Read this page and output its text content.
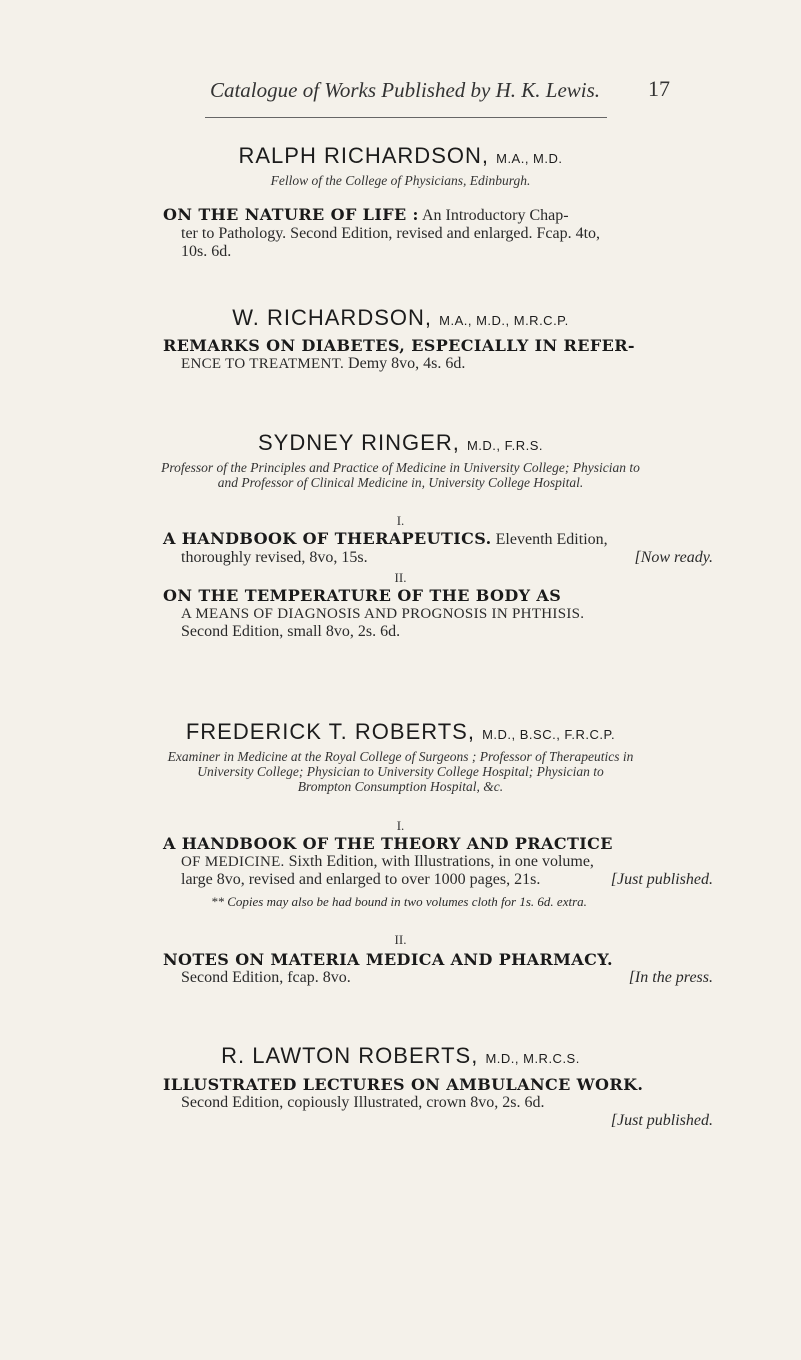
Catalogue of Works Published by H. K. Lewis.	17
RALPH RICHARDSON, M.A., M.D.
Fellow of the College of Physicians, Edinburgh.
ON THE NATURE OF LIFE : An Introductory Chap-
ter to Pathology. Second Edition, revised and enlarged. Fcap. 4to,
10s. 6d.
W. RICHARDSON, M.A., M.D., M.R.C.P.
REMARKS ON DIABETES, ESPECIALLY IN REFER-
ENCE TO TREATMENT. Demy 8vo, 4s. 6d.
SYDNEY RINGER, M.D., F.R.S.
Professor of the Principles and Practice of Medicine in University College; Physician to
and Professor of Clinical Medicine in, University College Hospital.
I.
A HANDBOOK OF THERAPEUTICS. Eleventh Edition,
thoroughly revised, 8vo, 15s.	[Now ready.
II.
ON THE TEMPERATURE OF THE BODY AS
A MEANS OF DIAGNOSIS AND PROGNOSIS IN PHTHISIS.
Second Edition, small 8vo, 2s. 6d.
FREDERICK T. ROBERTS, M.D., B.SC., F.R.C.P.
Examiner in Medicine at the Royal College of Surgeons ; Professor of Therapeutics in
University College; Physician to University College Hospital; Physician to
Brompton Consumption Hospital, &c.
I.
A HANDBOOK OF THE THEORY AND PRACTICE
OF MEDICINE. Sixth Edition, with Illustrations, in one volume,
large 8vo, revised and enlarged to over 1000 pages, 21s.	[Just published.
*⁢* Copies may also be had bound in two volumes cloth for 1s. 6d. extra.
II.
NOTES ON MATERIA MEDICA AND PHARMACY.
Second Edition, fcap. 8vo.	[In the press.
R. LAWTON ROBERTS, M.D., M.R.C.S.
ILLUSTRATED LECTURES ON AMBULANCE WORK.
Second Edition, copiously Illustrated, crown 8vo, 2s. 6d.
[Just published.
